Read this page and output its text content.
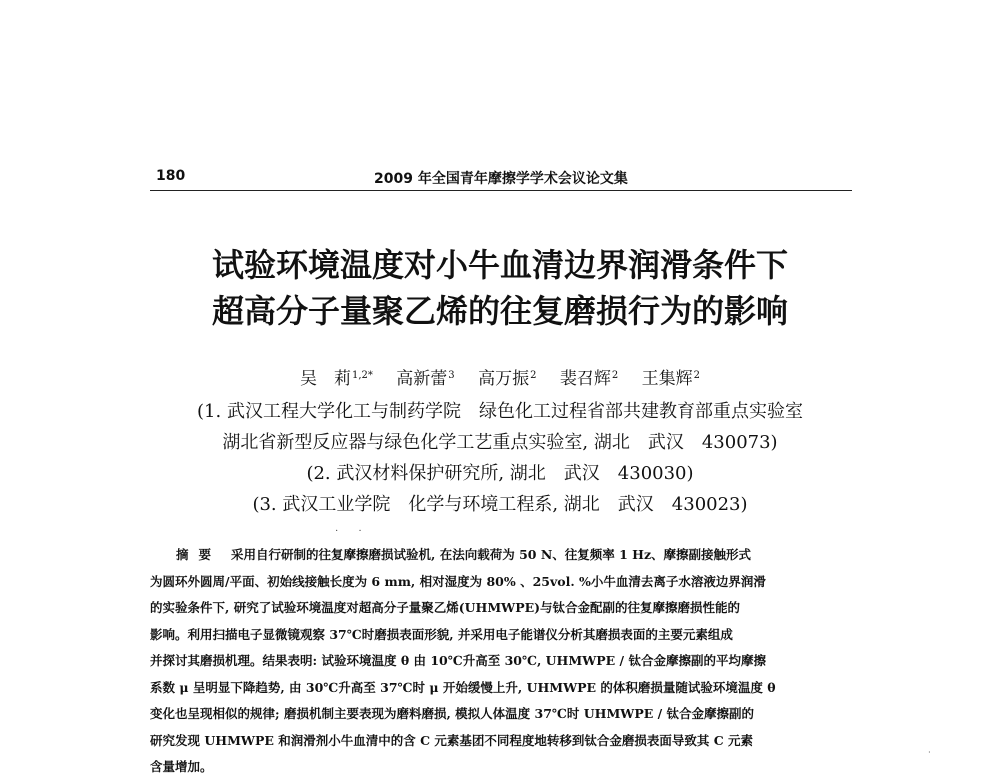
180	2009 年全国青年摩擦学学术会议论文集
试验环境温度对小牛血清边界润滑条件下
超高分子量聚乙烯的往复磨损行为的影响
吴　莉$^{1,2*}$ 高新蕾$^3$ 高万振$^2$ 裴召辉$^2$ 王集辉$^2$
(1. 武汉工程大学化工与制药学院　绿色化工过程省部共建教育部重点实验室
湖北省新型反应器与绿色化学工艺重点实验室, 湖北　武汉　430073)
(2. 武汉材料保护研究所, 湖北　武汉　430030)
(3. 武汉工业学院　化学与环境工程系, 湖北　武汉　430023)
·　　·
摘要 采用自行研制的往复摩擦磨损试验机, 在法向载荷为 50 N、往复频率 1 Hz、摩擦副接触形式
为圆环外圆周/平面、初始线接触长度为 6 mm, 相对湿度为 80% 、25vol. %小牛血清去离子水溶液边界润滑
的实验条件下, 研究了试验环境温度对超高分子量聚乙烯(UHMWPE)与钛合金配副的往复摩擦磨损性能的
影响。利用扫描电子显微镜观察 37℃时磨损表面形貌, 并采用电子能谱仪分析其磨损表面的主要元素组成
并探讨其磨损机理。结果表明: 试验环境温度 θ 由 10℃升高至 30℃, UHMWPE / 钛合金摩擦副的平均摩擦
系数 μ 呈明显下降趋势, 由 30℃升高至 37℃时 μ 开始缓慢上升, UHMWPE 的体积磨损量随试验环境温度 θ
变化也呈现相似的规律; 磨损机制主要表现为磨料磨损, 模拟人体温度 37℃时 UHMWPE / 钛合金摩擦副的
研究发现 UHMWPE 和润滑剂小牛血清中的含 C 元素基团不同程度地转移到钛合金磨损表面导致其 C 元素
含量增加。
·
